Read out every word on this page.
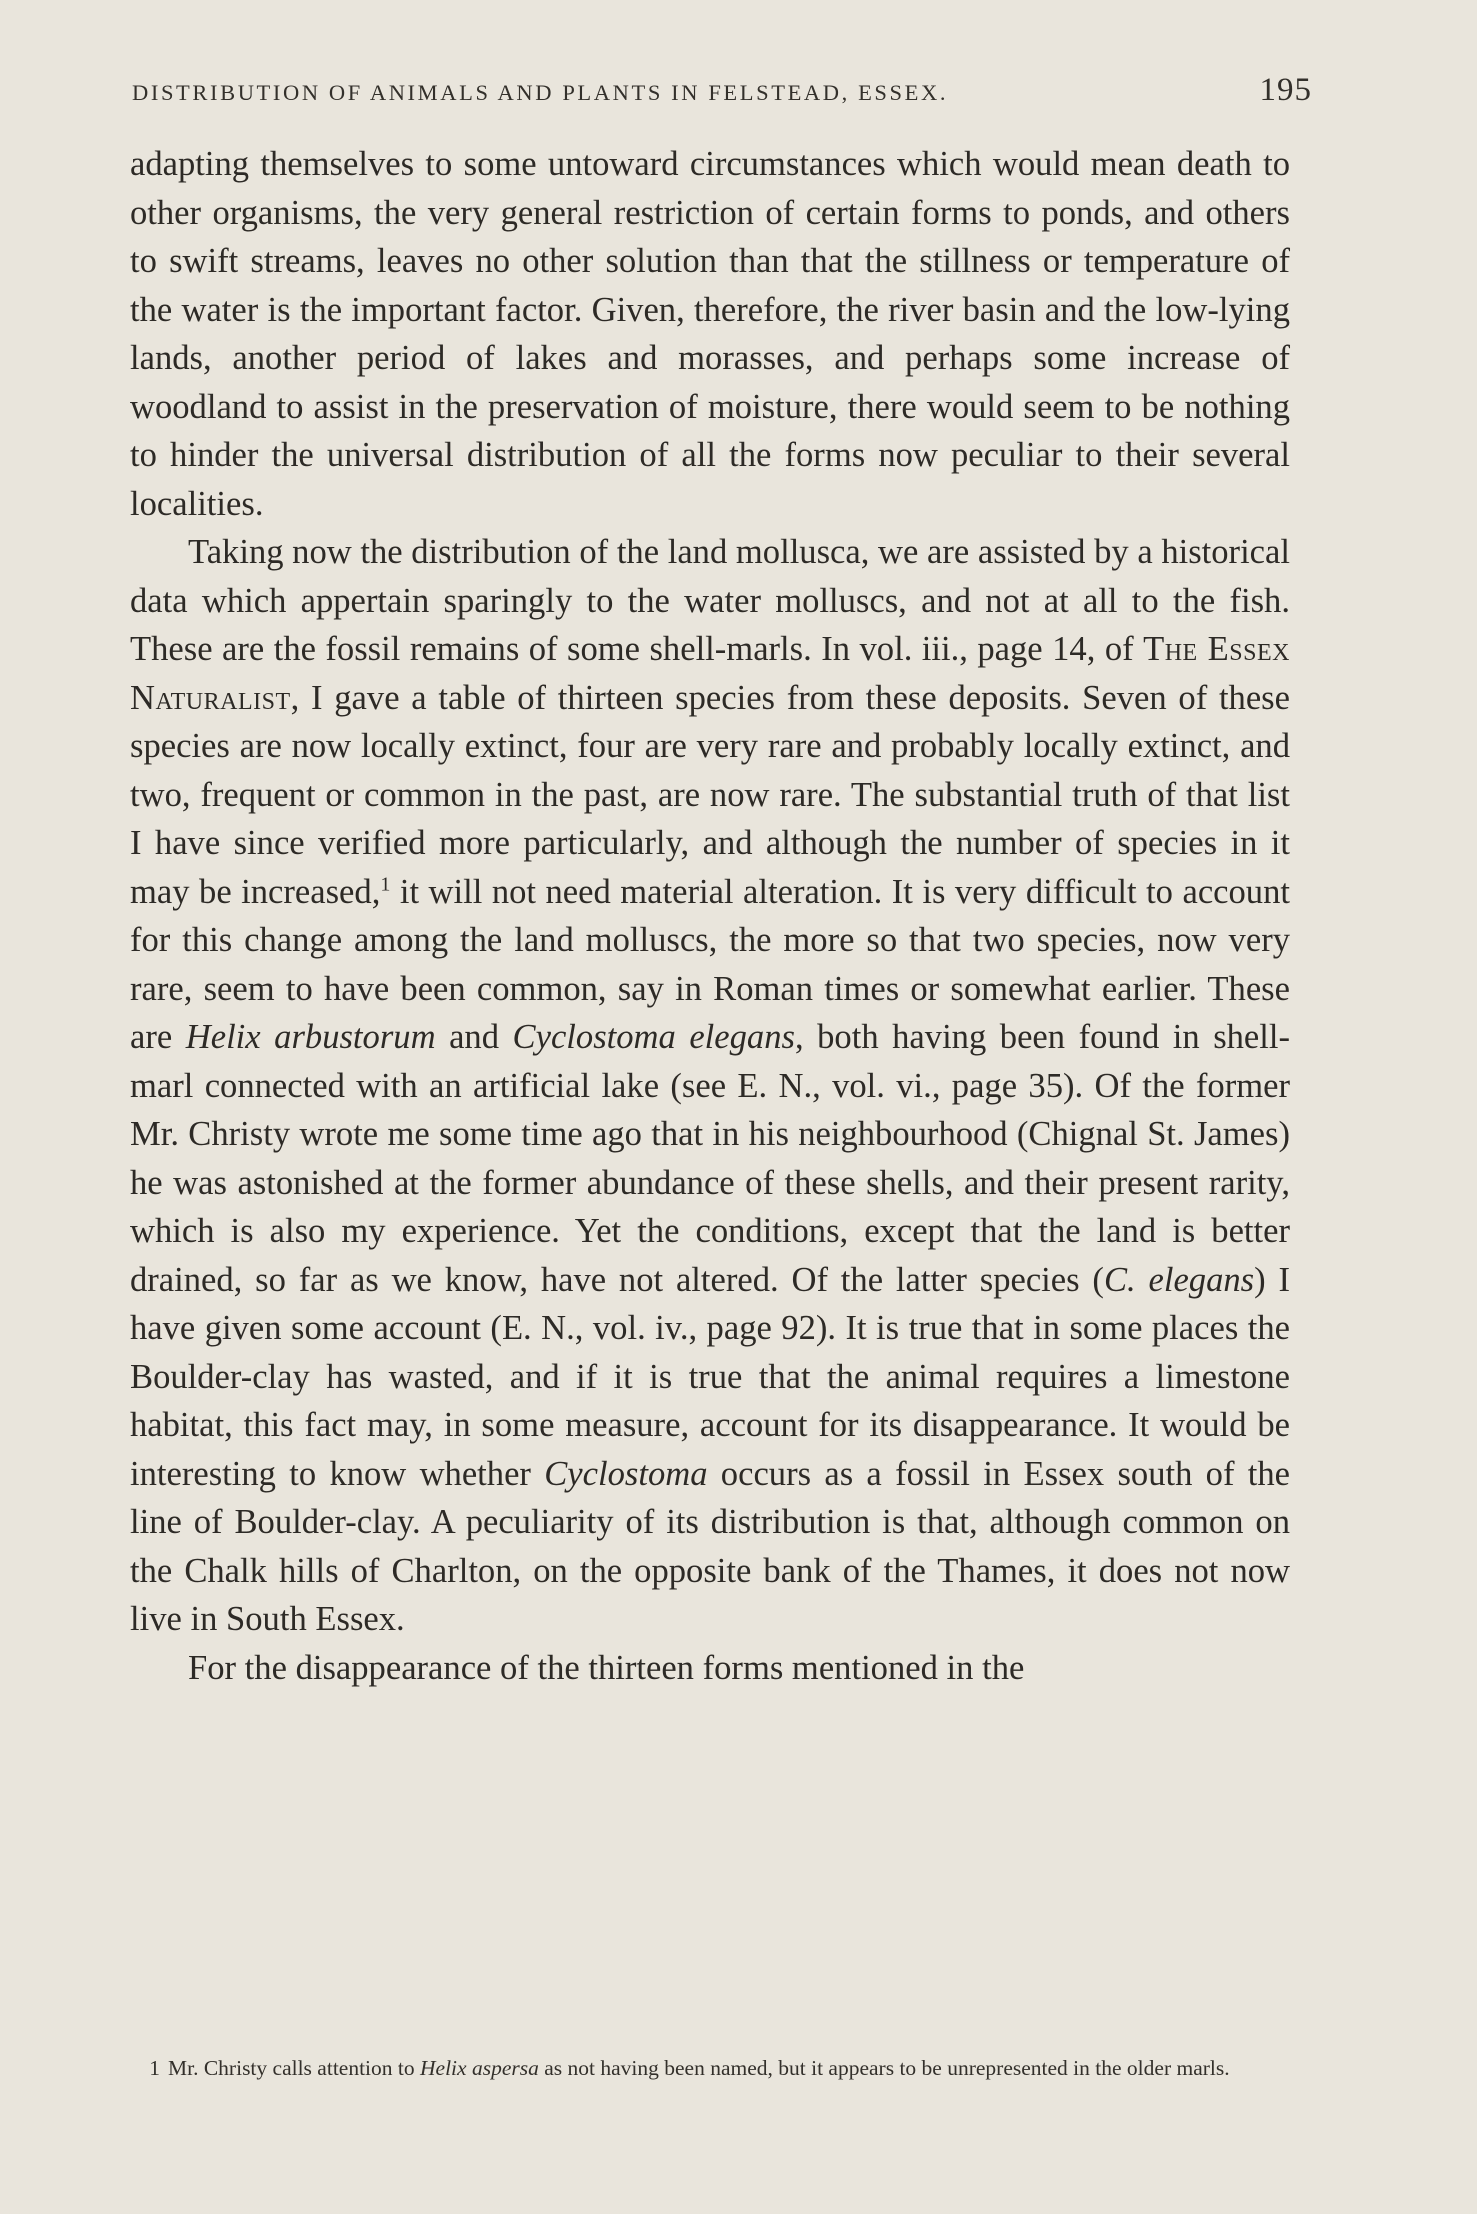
DISTRIBUTION OF ANIMALS AND PLANTS IN FELSTEAD, ESSEX.	195

adapting themselves to some untoward circumstances which would mean death to other organisms, the very general restriction of certain forms to ponds, and others to swift streams, leaves no other solution than that the stillness or temperature of the water is the important factor. Given, therefore, the river basin and the low-lying lands, another period of lakes and morasses, and perhaps some increase of woodland to assist in the preservation of moisture, there would seem to be nothing to hinder the universal distribution of all the forms now peculiar to their several localities.

Taking now the distribution of the land mollusca, we are assisted by a historical data which appertain sparingly to the water molluscs, and not at all to the fish. These are the fossil remains of some shell-marls. In vol. iii., page 14, of The Essex Naturalist, I gave a table of thirteen species from these deposits. Seven of these species are now locally extinct, four are very rare and probably locally extinct, and two, frequent or common in the past, are now rare. The substantial truth of that list I have since verified more particularly, and although the number of species in it may be increased,$^1$ it will not need material alteration. It is very difficult to account for this change among the land molluscs, the more so that two species, now very rare, seem to have been common, say in Roman times or somewhat earlier. These are Helix arbustorum and Cyclostoma elegans, both having been found in shell-marl connected with an artificial lake (see E. N., vol. vi., page 35). Of the former Mr. Christy wrote me some time ago that in his neighbourhood (Chignal St. James) he was astonished at the former abundance of these shells, and their present rarity, which is also my experience. Yet the conditions, except that the land is better drained, so far as we know, have not altered. Of the latter species (C. elegans) I have given some account (E. N., vol. iv., page 92). It is true that in some places the Boulder-clay has wasted, and if it is true that the animal requires a limestone habitat, this fact may, in some measure, account for its disappearance. It would be interesting to know whether Cyclostoma occurs as a fossil in Essex south of the line of Boulder-clay. A peculiarity of its distribution is that, although common on the Chalk hills of Charlton, on the opposite bank of the Thames, it does not now live in South Essex.

For the disappearance of the thirteen forms mentioned in the

1 Mr. Christy calls attention to Helix aspersa as not having been named, but it appears to be unrepresented in the older marls.
